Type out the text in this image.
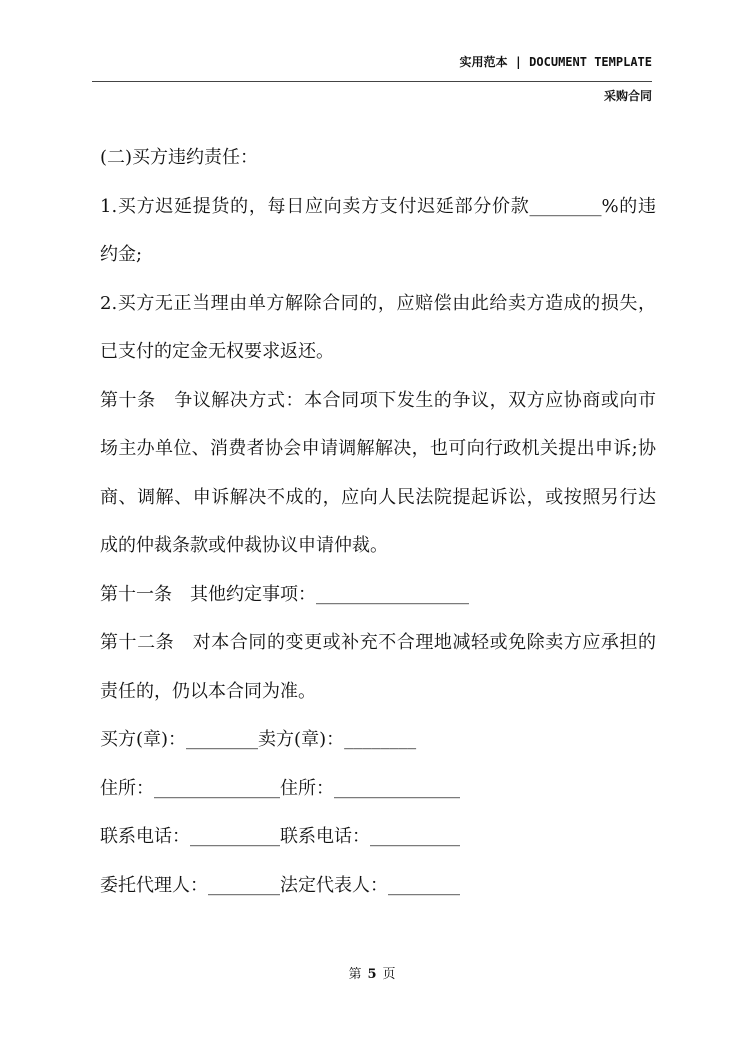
实用范本 | DOCUMENT TEMPLATE
采购合同

(二)买方违约责任：

1.买方迟延提货的，每日应向卖方支付迟延部分价款________%的违约金;

2.买方无正当理由单方解除合同的，应赔偿由此给卖方造成的损失，已支付的定金无权要求返还。

第十条　争议解决方式：本合同项下发生的争议，双方应协商或向市场主办单位、消费者协会申请调解解决，也可向行政机关提出申诉;协商、调解、申诉解决不成的，应向人民法院提起诉讼，或按照另行达成的仲裁条款或仲裁协议申请仲裁。

第十一条　其他约定事项：_________________

第十二条　对本合同的变更或补充不合理地减轻或免除卖方应承担的责任的，仍以本合同为准。

买方(章)：________卖方(章)：________

住所：______________住所：______________

联系电话：__________联系电话：__________

委托代理人：________法定代表人：________

第 5 页
